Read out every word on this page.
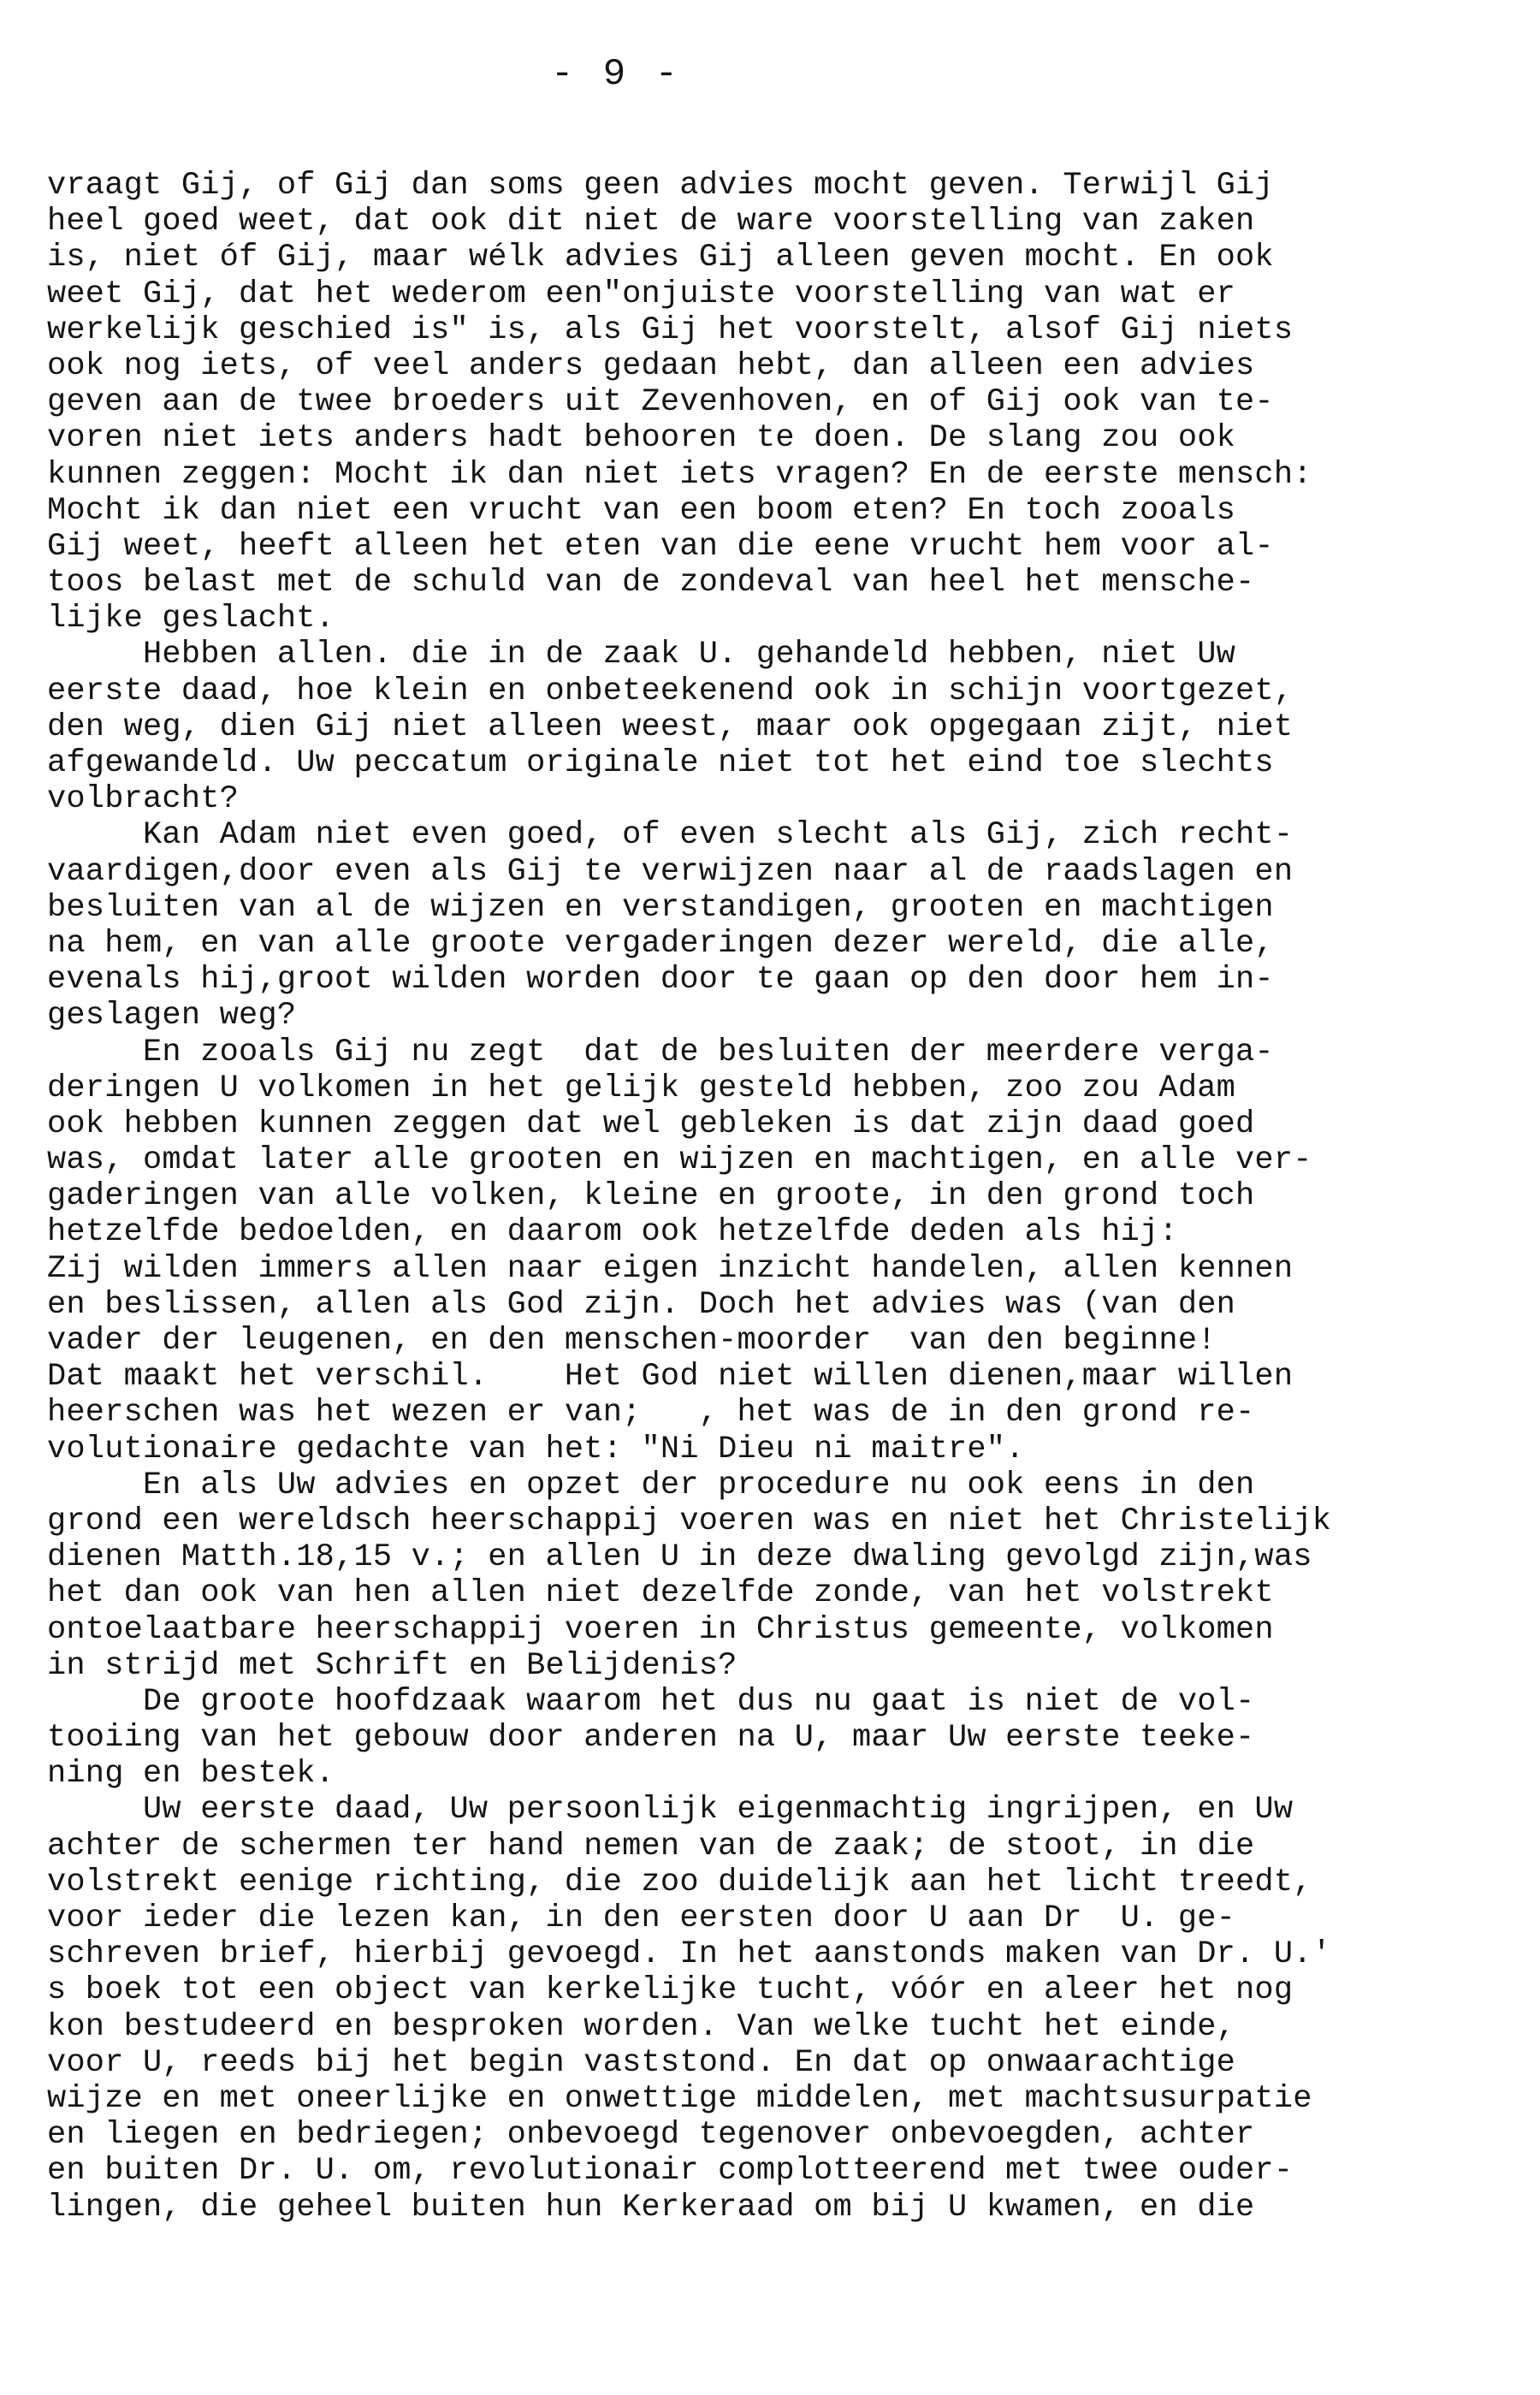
- 9 -
vraagt Gij, of Gij dan soms geen advies mocht geven. Terwijl Gij
heel goed weet, dat ook dit niet de ware voorstelling van zaken
is, niet óf Gij, maar wélk advies Gij alleen geven mocht. En ook
weet Gij, dat het wederom een"onjuiste voorstelling van wat er
werkelijk geschied is" is, als Gij het voorstelt, alsof Gij niets
ook nog iets, of veel anders gedaan hebt, dan alleen een advies
geven aan de twee broeders uit Zevenhoven, en of Gij ook van te-
voren niet iets anders hadt behooren te doen. De slang zou ook
kunnen zeggen: Mocht ik dan niet iets vragen? En de eerste mensch:
Mocht ik dan niet een vrucht van een boom eten? En toch zooals
Gij weet, heeft alleen het eten van die eene vrucht hem voor al-
toos belast met de schuld van de zondeval van heel het mensche-
lijke geslacht.
Hebben allen. die in de zaak U. gehandeld hebben, niet Uw
eerste daad, hoe klein en onbeteekenend ook in schijn voortgezet,
den weg, dien Gij niet alleen weest, maar ook opgegaan zijt, niet
afgewandeld. Uw peccatum originale niet tot het eind toe slechts
volbracht?
Kan Adam niet even goed, of even slecht als Gij, zich recht-
vaardigen,door even als Gij te verwijzen naar al de raadslagen en
besluiten van al de wijzen en verstandigen, grooten en machtigen
na hem, en van alle groote vergaderingen dezer wereld, die alle,
evenals hij,groot wilden worden door te gaan op den door hem in-
geslagen weg?
En zooals Gij nu zegt  dat de besluiten der meerdere verga-
deringen U volkomen in het gelijk gesteld hebben, zoo zou Adam
ook hebben kunnen zeggen dat wel gebleken is dat zijn daad goed
was, omdat later alle grooten en wijzen en machtigen, en alle ver-
gaderingen van alle volken, kleine en groote, in den grond toch
hetzelfde bedoelden, en daarom ook hetzelfde deden als hij:
Zij wilden immers allen naar eigen inzicht handelen, allen kennen
en beslissen, allen als God zijn. Doch het advies was (van den
vader der leugenen, en den menschen-moorder  van den beginne!
Dat maakt het verschil.    Het God niet willen dienen,maar willen
heerschen was het wezen er van;   , het was de in den grond re-
volutionaire gedachte van het: "Ni Dieu ni maitre".
En als Uw advies en opzet der procedure nu ook eens in den
grond een wereldsch heerschappij voeren was en niet het Christelijk
dienen Matth.18,15 v.; en allen U in deze dwaling gevolgd zijn,was
het dan ook van hen allen niet dezelfde zonde, van het volstrekt
ontoelaatbare heerschappij voeren in Christus gemeente, volkomen
in strijd met Schrift en Belijdenis?
De groote hoofdzaak waarom het dus nu gaat is niet de vol-
tooiing van het gebouw door anderen na U, maar Uw eerste teeke-
ning en bestek.
Uw eerste daad, Uw persoonlijk eigenmachtig ingrijpen, en Uw
achter de schermen ter hand nemen van de zaak; de stoot, in die
volstrekt eenige richting, die zoo duidelijk aan het licht treedt,
voor ieder die lezen kan, in den eersten door U aan Dr  U. ge-
schreven brief, hierbij gevoegd. In het aanstonds maken van Dr. U.'
s boek tot een object van kerkelijke tucht, vóór en aleer het nog
kon bestudeerd en besproken worden. Van welke tucht het einde,
voor U, reeds bij het begin vaststond. En dat op onwaarachtige
wijze en met oneerlijke en onwettige middelen, met machtsusurpatie
en liegen en bedriegen; onbevoegd tegenover onbevoegden, achter
en buiten Dr. U. om, revolutionair complotteerend met twee ouder-
lingen, die geheel buiten hun Kerkeraad om bij U kwamen, en die
